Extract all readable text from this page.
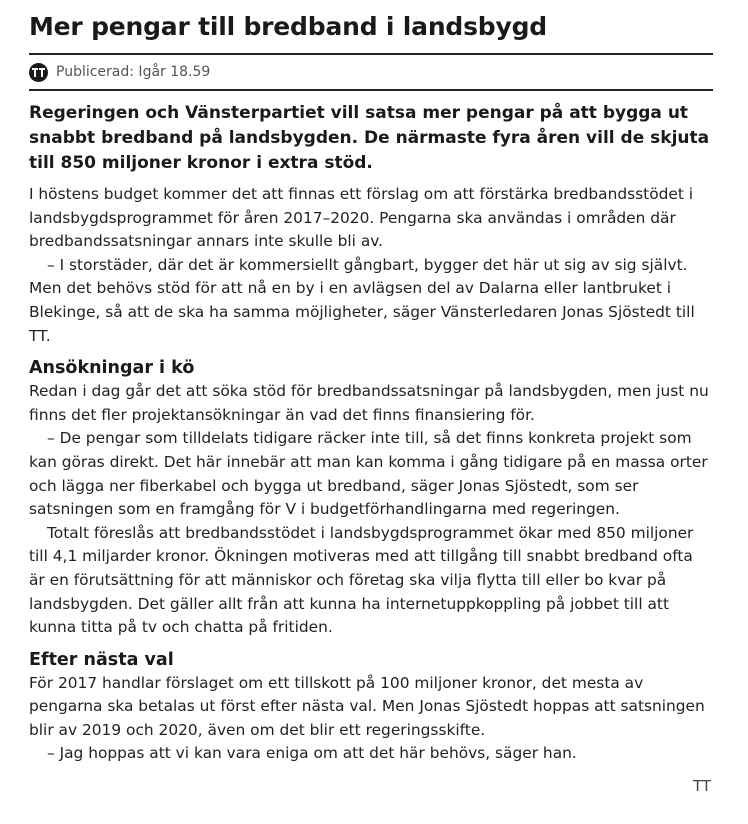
Mer pengar till bredband i landsbygd
Publicerad: Igår 18.59

Regeringen och Vänsterpartiet vill satsa mer pengar på att bygga ut snabbt bredband på landsbygden. De närmaste fyra åren vill de skjuta till 850 miljoner kronor i extra stöd.

I höstens budget kommer det att finnas ett förslag om att förstärka bredbandsstödet i landsbygdsprogrammet för åren 2017–2020. Pengarna ska användas i områden där bredbandssatsningar annars inte skulle bli av.

– I storstäder, där det är kommersiellt gångbart, bygger det här ut sig av sig självt. Men det behövs stöd för att nå en by i en avlägsen del av Dalarna eller lantbruket i Blekinge, så att de ska ha samma möjligheter, säger Vänsterledaren Jonas Sjöstedt till TT.

Ansökningar i kö

Redan i dag går det att söka stöd för bredbandssatsningar på landsbygden, men just nu finns det fler projektansökningar än vad det finns finansiering för.

– De pengar som tilldelats tidigare räcker inte till, så det finns konkreta projekt som kan göras direkt. Det här innebär att man kan komma i gång tidigare på en massa orter och lägga ner fiberkabel och bygga ut bredband, säger Jonas Sjöstedt, som ser satsningen som en framgång för V i budgetförhandlingarna med regeringen.

Totalt föreslås att bredbandsstödet i landsbygdsprogrammet ökar med 850 miljoner till 4,1 miljarder kronor. Ökningen motiveras med att tillgång till snabbt bredband ofta är en förutsättning för att människor och företag ska vilja flytta till eller bo kvar på landsbygden. Det gäller allt från att kunna ha internetuppkoppling på jobbet till att kunna titta på tv och chatta på fritiden.

Efter nästa val

För 2017 handlar förslaget om ett tillskott på 100 miljoner kronor, det mesta av pengarna ska betalas ut först efter nästa val. Men Jonas Sjöstedt hoppas att satsningen blir av 2019 och 2020, även om det blir ett regeringsskifte.

– Jag hoppas att vi kan vara eniga om att det här behövs, säger han.

TT
